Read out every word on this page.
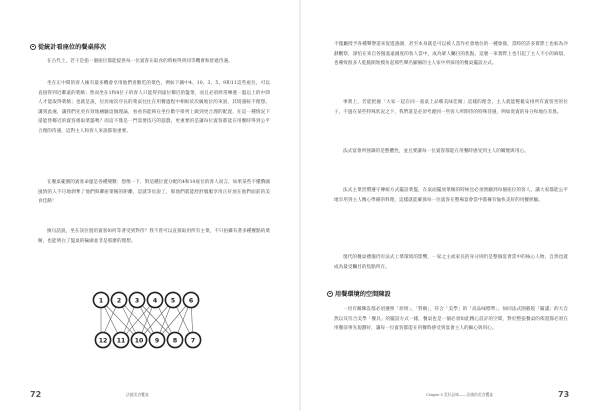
從統計看座位的餐桌排次

在古代上，若干是指一個座位都能提供每一位賓客在取食的時候得到同等機會和舒適待遇。

坐在正中間的客人擁有最多機會享用他們喜歡吃的菜色，例如下圖中4、10、3、5、9和11這些座位，可以直接得到近鄰遠的菜餚；然而坐在1和8位子的客人只能得到遠位鄰近的盤菜，而且必須經常傳遞一盤以上的中間人才能取得菜餚；也就是說，位於兩次序長的菜桌往往在用餐過程中相較於次級地位的來說，其境遇較不理想。講到此處，讓我們先更有效地檢驗這個理論，看看你能夠在坐位數字排列上做到更合理的配置，在這一種情況下還能替鄰近的賓客遞取菜盤嗎？而這不僅是一門需要技巧的遊戲，更重要的是讓每位賓客都能在用餐時得到公平合理的待遇，這對主人和客人來說都很重要。

在餐桌範圍的賓客命運是各種變數：想像一下，對這種位置分配的4和10座位的客人而言，如果某些不懂俄國風情的人不巧地剝奪了他們與鄰座菜餚的距離，這就等於說了，那他們就能舒舒服服享用正好放在他們面前的美食佳餚！

換句話說，坐在該位置的賓客如何等著受到對待？我不曾可以直接取用所有主菜，不只拍攝有著多種餐點的菜餚，也能明白了盤桌的輪廓並非是那麼的理想。

1 2 3 4 5 6
12 11 10 9 8 7
72	法國美食饗宴

不僅屬授予各種聲譽還來促進感謝，甚至本身就是可以被人當作社會地位的一種象徵，當時的許多實際上也較為冷靜觀察，深怕在來自各個遙遠國度的客人當中，成為眾人矚目的焦點。這麼一來實際上也引起了主人不小的麻煩，也導致很多人乾脆開始模仿起那些聲名顯赫的主人家中所採用的餐桌擺設方式。

事實上，若能把握「大家一起在同一張桌上品嚐美味佳餚」這樣的理念，主人就能輕鬆安排所有賓客坐的位子，不過在某些特殊狀況之下，我們還是必須考慮到一些客人所期待的特殊待遇，例如貴賓的身分和地位差異。

法式宴會所強調的是整體性，並且要讓每一位賓客都能在用餐時感受到主人的關懷與用心。

法式主菜習慣遵守傳統方式擺設菜盤，在桌面擺放菜餚的時候也必須照顧到每個座位的客人，讓大家都能公平地享用到主人精心準備的料理，這樣就能確保每一位賓客在整場宴會當中都擁有愉快美好的用餐經驗。

現代的餐桌禮儀仍有法式上菜環境的影響，一家之主或家長的身分則仍是整個宴會當中的核心人物，自然也就成為最受矚目的焦點所在。

用餐環境的空間陳設

一切有關陳設都必須遵照「原則」、「對稱」，符合「美學」的「高品味標準」。如同法式園藝般「嚴謹」的大自然以及符合美學「餐具」的擺設方式一樣，餐桌也是一個必須如此精心設計的空間，對於整張餐桌的佈置都必須在用餐前事先規劃好，讓每一位賓客都能在用餐時感受到宴會主人的細心與用心。

Chapter 5 美好品味——法國的美食饗宴	73
